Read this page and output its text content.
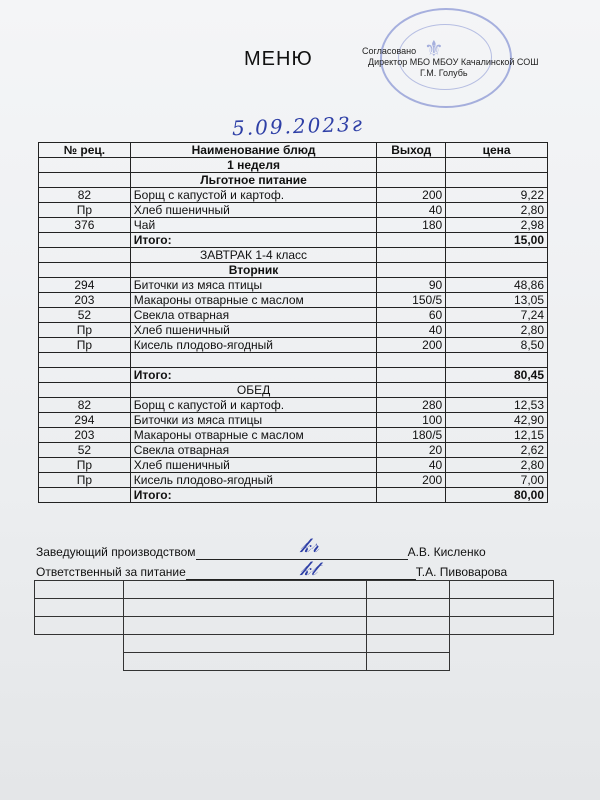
⚜
МЕНЮ	Согласовано
Директор МБО МБОУ Качалинской СОШ
Г.М. Голубь
5.09.2023г
№ рец.	Наименование блюд	Выход	цена
	1 неделя		
	Льготное питание		
82	Борщ с капустой и картоф.	200	9,22
Пр	Хлеб пшеничный	40	2,80
376	Чай	180	2,98
	Итого:		15,00
	ЗАВТРАК 1-4 класс		
	Вторник		
294	Биточки из мяса птицы	90	48,86
203	Макароны отварные с маслом	150/5	13,05
52	Свекла отварная	60	7,24
Пр	Хлеб пшеничный	40	2,80
Пр	Кисель плодово-ягодный	200	8,50

	Итого:		80,45
	ОБЕД		
82	Борщ с капустой и картоф.	280	12,53
294	Биточки из мяса птицы	100	42,90
203	Макароны отварные с маслом	180/5	12,15
52	Свекла отварная	20	2,62
Пр	Хлеб пшеничный	40	2,80
Пр	Кисель плодово-ягодный	200	7,00
	Итого:		80,00
Заведующий производством	А.В. Кисленко
Ответственный за питание	Т.А. Пивоварова
𝓀𝓇
𝓀𝓉
